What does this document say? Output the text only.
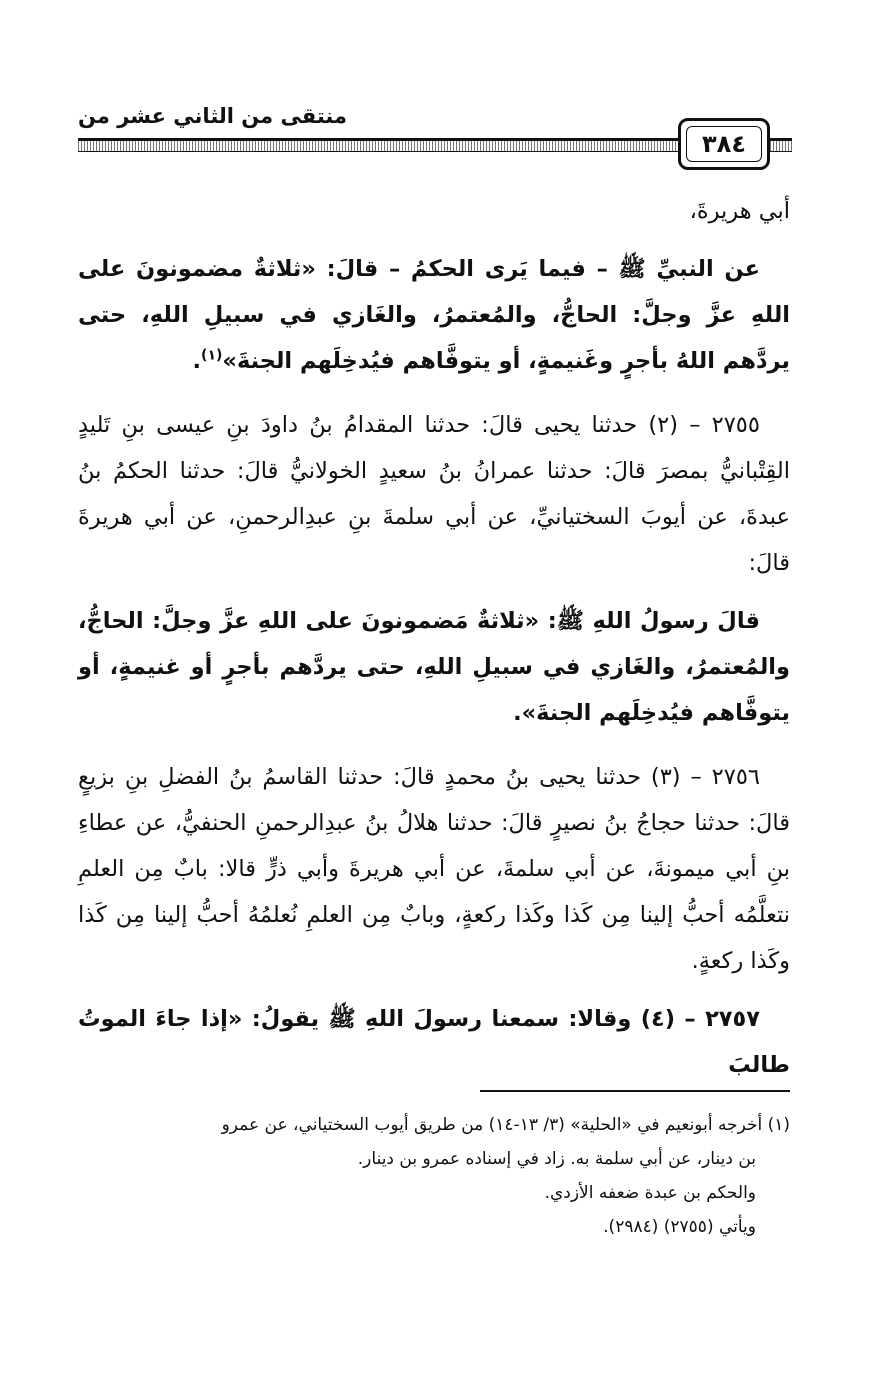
منتقى من الثاني عشر من
٣٨٤

أبي هريرةَ،

عن النبيِّ ﷺ – فيما يَرى الحكمُ – قالَ: «ثلاثةٌ مضمونونَ على اللهِ عزَّ وجلَّ: الحاجُّ، والمُعتمرُ، والغَازي في سبيلِ اللهِ، حتى يردَّهم اللهُ بأجرٍ وغَنيمةٍ، أو يتوفَّاهم فيُدخِلَهم الجنةَ»$^{(١)}$.

٢٧٥٥ – (٢) حدثنا يحيى قالَ: حدثنا المقدامُ بنُ داودَ بنِ عيسى بنِ تَليدٍ القِتْبانيُّ بمصرَ قالَ: حدثنا عمرانُ بنُ سعيدٍ الخولانيُّ قالَ: حدثنا الحكمُ بنُ عبدةَ، عن أيوبَ السختيانيِّ، عن أبي سلمةَ بنِ عبدِالرحمنِ، عن أبي هريرةَ قالَ:

قالَ رسولُ اللهِ ﷺ: «ثلاثةٌ مَضمونونَ على اللهِ عزَّ وجلَّ: الحاجُّ، والمُعتمرُ، والغَازي في سبيلِ اللهِ، حتى يردَّهم بأجرٍ أو غنيمةٍ، أو يتوفَّاهم فيُدخِلَهم الجنةَ».

٢٧٥٦ – (٣) حدثنا يحيى بنُ محمدٍ قالَ: حدثنا القاسمُ بنُ الفضلِ بنِ بزيعٍ قالَ: حدثنا حجاجُ بنُ نصيرٍ قالَ: حدثنا هلالُ بنُ عبدِالرحمنِ الحنفيُّ، عن عطاءِ بنِ أبي ميمونةَ، عن أبي سلمةَ، عن أبي هريرةَ وأبي ذرٍّ قالا: بابٌ مِن العلمِ نتعلَّمُه أحبُّ إلينا مِن كَذا وكَذا ركعةٍ، وبابٌ مِن العلمِ نُعلمُهُ أحبُّ إلينا مِن كَذا وكَذا ركعةٍ.

٢٧٥٧ – (٤) وقالا: سمعنا رسولَ اللهِ ﷺ يقولُ: «إذا جاءَ الموتُ طالبَ

(١) أخرجه أبونعيم في «الحلية» (٣/ ١٣-١٤) من طريق أيوب السختياني، عن عمرو

بن دينار، عن أبي سلمة به. زاد في إسناده عمرو بن دينار.

والحكم بن عبدة ضعفه الأزدي.

ويأتي (٢٧٥٥) (٢٩٨٤).
